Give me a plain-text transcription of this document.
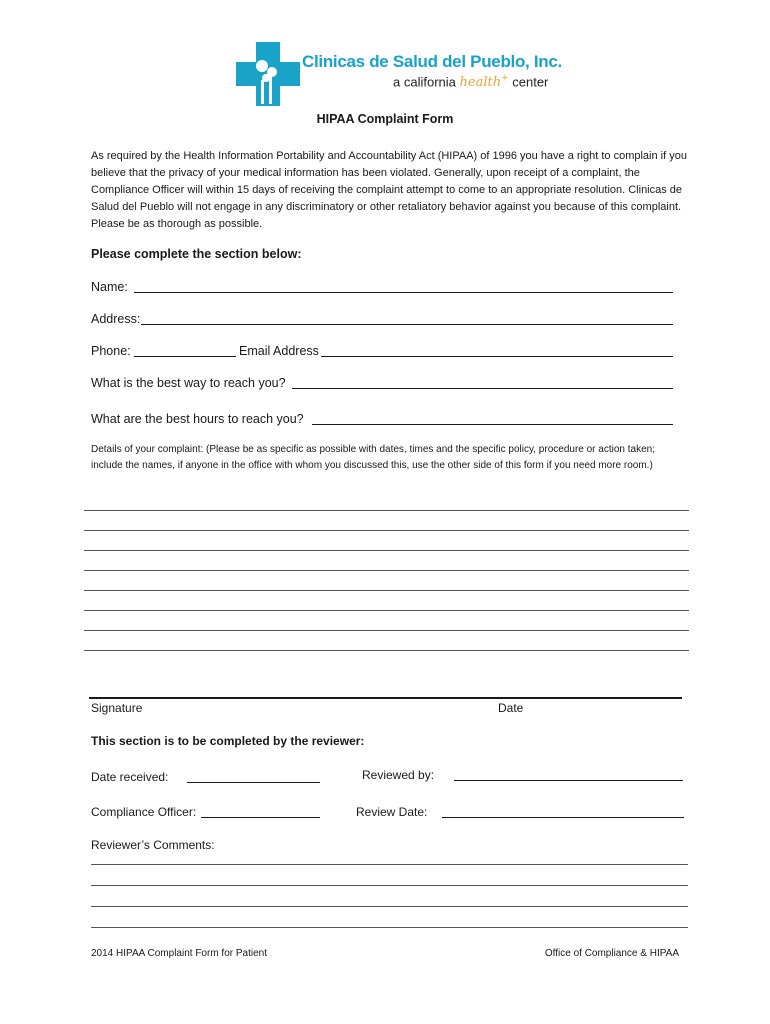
Clinicas de Salud del Pueblo, Inc.
a california health+ center
HIPAA Complaint Form
As required by the Health Information Portability and Accountability Act (HIPAA) of 1996 you have a right to complain if you believe that the privacy of your medical information has been violated. Generally, upon receipt of a complaint, the Compliance Officer will within 15 days of receiving the complaint attempt to come to an appropriate resolution. Clinicas de Salud del Pueblo will not engage in any discriminatory or other retaliatory behavior against you because of this complaint. Please be as thorough as possible.
Please complete the section below:
Name:
Address:
Phone:	Email Address
What is the best way to reach you?
What are the best hours to reach you?
Details of your complaint: (Please be as specific as possible with dates, times and the specific policy, procedure or action taken; include the names, if anyone in the office with whom you discussed this, use the other side of this form if you need more room.)
Signature	Date
This section is to be completed by the reviewer:
Date received:	Reviewed by:
Compliance Officer:	Review Date:
Reviewer’s Comments:
2014 HIPAA Complaint Form for Patient	Office of Compliance & HIPAA
